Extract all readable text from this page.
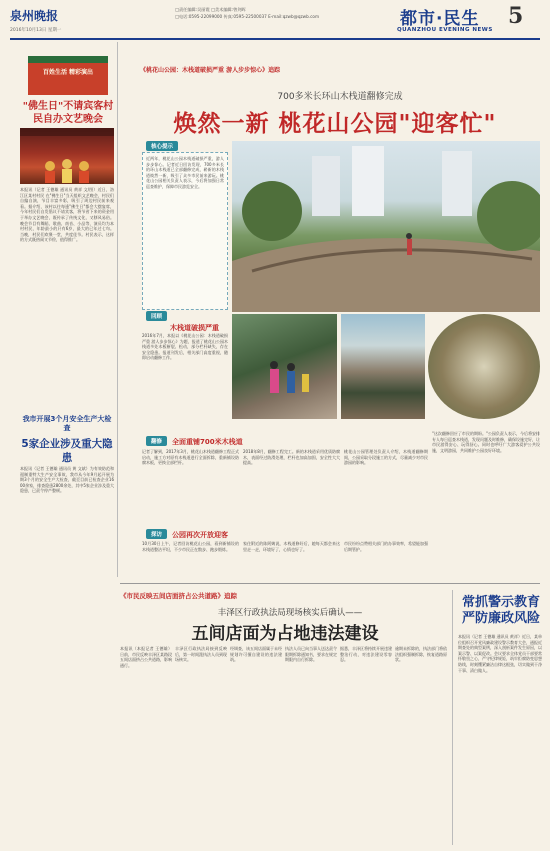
泉州晚报
2016年10月13日 星期一
□责任编辑:吴丽霞 □美术编辑:曾剑晖
□电话:0595-22099000 传真:0595-22500037 E-mail:qzwb@qzwb.com	都市·民生
QUANZHOU EVENING NEWS
5
百姓生活 精彩演出
"佛生日"不请宾客村民自办文艺晚会
本报讯（记者 王德雄 通讯员 黄祥 文/图）近日，洛江区某村村民 在"佛生日"当天组织文艺晚会，村民们自编自演，节目丰富多彩，吸引了周边村民前来观看。据介绍，该村以往每逢"佛生日"都会大摆宴席，今年村民们自发倡议不请宾客，将节省下来的资金用于举办文艺晚会，既传承了传统文化，又移风易俗。晚会节目有舞蹈、歌曲、南音、小品等，演员均为本村村民，年龄最小的只有6岁，最大的已年过七旬。当晚，村民们欢聚一堂，共度佳节。村民表示，这样的方式既热闹又节俭，值得推广。
我市开展3个月安全生产大检查
5家企业涉及重大隐患
本报讯（记者 王德雄 通讯员 黄 文斌）为有效防范和遏制重特大生产安全事故，我市从今年9月起开展为期3个月的安全生产大检查，截至目前已检查企业1600余家，排查隐患2800余处，其中5家企业涉及重大隐患，已责令停产整顿。
《桃花山公园：木栈道破损严重 游人步步惊心》追踪
700多米长环山木栈道翻修完成
焕然一新 桃花山公园"迎客忙"
核心提示
近两年，桃花山公园木栈道破损严重，游人步步惊心。记者近日回访发现，700多米长的环山木栈道已全部翻修完成，崭新的木栈道焕然一新，吸引了众多市民前来游玩。桃花山公园相关负责人表示，今后将加强日常巡查维护，保障市民游览安全。
回顾
木栈道破损严重
2016年7月，本报以《桃花山公园：木栈道破损严重 游人步步惊心》为题，报道了桃花山公园木栈道多处木板断裂、松动，部分栏杆缺失，存在安全隐患。报道刊发后，相关部门高度重视，随即启动翻修工作。
翻修	全面重铺700米木栈道
记者了解到，2017年3月，桃花山木栈道翻修工程正式启动，施工方对原有木栈道进行全面拆除，重新铺设防腐木板，更换全部栏杆。
2018年8月，翻修工程完工。新的木栈道采用优质防腐木，表面经过防滑处理，栏杆也加高加固，安全性大大提高。
桃花山公园管理处负责人介绍，木栈道翻修期间，公园采取分段施工的方式，尽量减少对市民游园的影响。
探访	公园再次开放迎客
10月30日上午，记者回访桃花山公园，看到新铺设的木栈道整洁平坦，不少市民正在散步、跑步锻炼。
家住附近的陈阿姨说，木栈道修好后，她每天都会来这里走一走，环境好了，心情也好了。
市民纷纷点赞相关部门的办事效率，希望能加强后期管护。
"这次翻修回应了市民的期盼。"公园负责人表示，今后将安排专人每日巡查木栈道，发现问题及时维修，确保设施完好，让市民游得安心、玩得舒心。同时也呼吁广大游客爱护公共设施，文明游园，共同维护公园良好环境。
《市民反映五间店面挤占公共道路》追踪
丰泽区行政执法局现场核实后确认——
五间店面为占地违法建设
本报讯（本报记者 王德雄）日前，市民反映丰泽区某路段五间店面挤占公共道路，影响通行。
丰泽区行政执法局接到反映后，第一时间派执法人员到现场核实。
经调查，该五间店面属于未经规划许可擅自建设的违法建筑。
执法人员已向当事人送达责令限期拆除通知书，要求在规定期限内自行拆除。
据悉，丰泽区将持续开展违建整治行动，对违法建设零容忍。
逾期未拆除的，执法部门将依法组织强制拆除，恢复道路原状。
常抓警示教育严防廉政风险
本报讯（记者 王德雄 通讯员 黄祥）近日，某单位组织召开党风廉政建设警示教育大会，通报近期查处的典型案例，深入剖析案件发生原因，以案示警、以案促改。会议要求全体党员干部要常怀敬畏之心，严守纪律规矩，筑牢拒腐防变思想防线，时刻绷紧廉洁自律这根弦，切实做到干净干事、清白做人。
